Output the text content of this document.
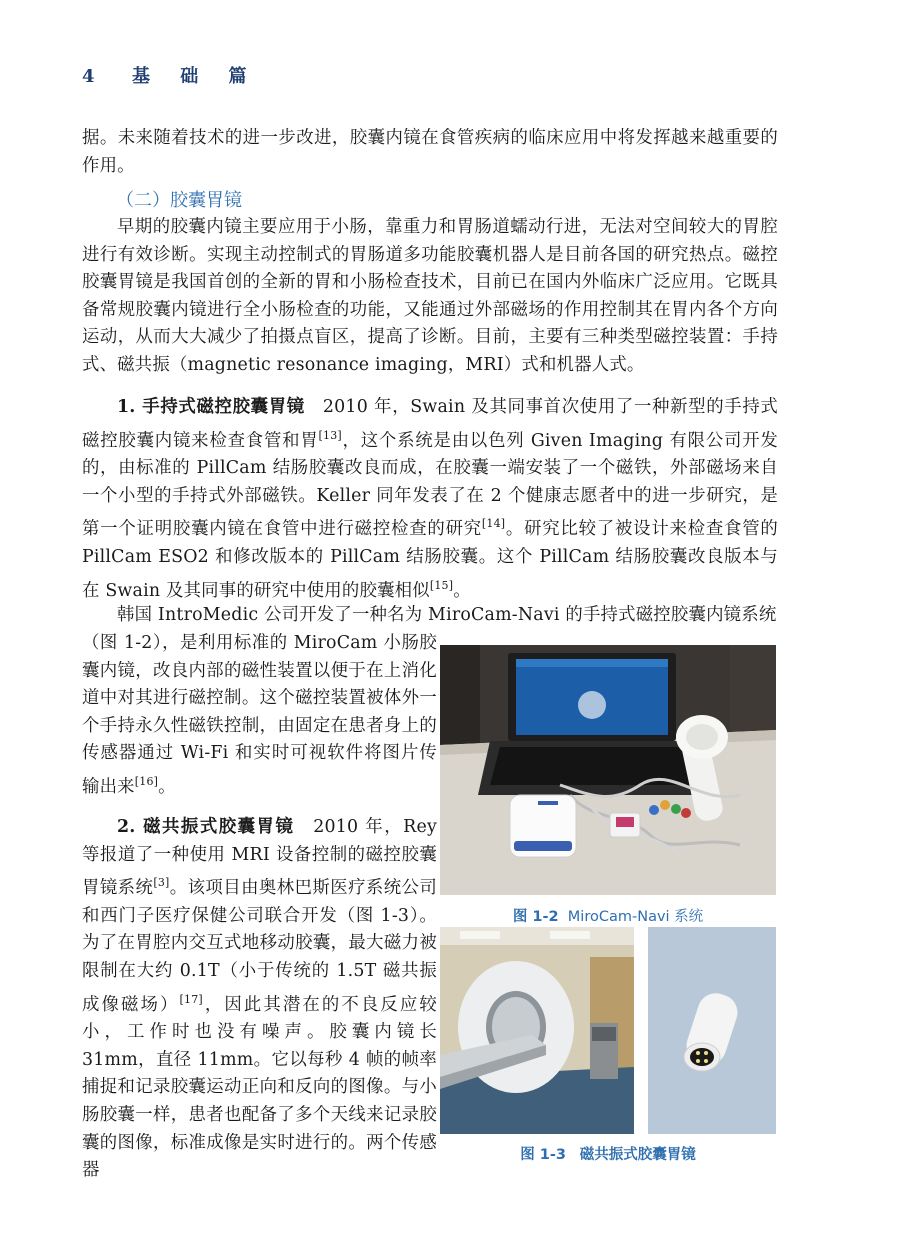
4	基 础 篇

据。未来随着技术的进一步改进，胶囊内镜在食管疾病的临床应用中将发挥越来越重要的作用。

（二）胶囊胃镜

早期的胶囊内镜主要应用于小肠，靠重力和胃肠道蠕动行进，无法对空间较大的胃腔进行有效诊断。实现主动控制式的胃肠道多功能胶囊机器人是目前各国的研究热点。磁控胶囊胃镜是我国首创的全新的胃和小肠检查技术，目前已在国内外临床广泛应用。它既具备常规胶囊内镜进行全小肠检查的功能，又能通过外部磁场的作用控制其在胃内各个方向运动，从而大大减少了拍摄点盲区，提高了诊断。目前，主要有三种类型磁控装置：手持式、磁共振（magnetic resonance imaging，MRI）式和机器人式。

1. 手持式磁控胶囊胃镜　2010 年，Swain 及其同事首次使用了一种新型的手持式磁控胶囊内镜来检查食管和胃[13]，这个系统是由以色列 Given Imaging 有限公司开发的，由标准的 PillCam 结肠胶囊改良而成，在胶囊一端安装了一个磁铁，外部磁场来自一个小型的手持式外部磁铁。Keller 同年发表了在 2 个健康志愿者中的进一步研究，是第一个证明胶囊内镜在食管中进行磁控检查的研究[14]。研究比较了被设计来检查食管的 PillCam ESO2 和修改版本的 PillCam 结肠胶囊。这个 PillCam 结肠胶囊改良版本与在 Swain 及其同事的研究中使用的胶囊相似[15]。

韩国 IntroMedic 公司开发了一种名为 MiroCam-Navi 的手持式磁控胶囊内镜系统

（图 1-2），是利用标准的 MiroCam 小肠胶囊内镜，改良内部的磁性装置以便于在上消化道中对其进行磁控制。这个磁控装置被体外一个手持永久性磁铁控制，由固定在患者身上的传感器通过 Wi-Fi 和实时可视软件将图片传输出来[16]。

2. 磁共振式胶囊胃镜　2010 年，Rey 等报道了一种使用 MRI 设备控制的磁控胶囊胃镜系统[3]。该项目由奥林巴斯医疗系统公司和西门子医疗保健公司联合开发（图 1-3）。为了在胃腔内交互式地移动胶囊，最大磁力被限制在大约 0.1T（小于传统的 1.5T 磁共振成像磁场）[17]，因此其潜在的不良反应较小，工作时也没有噪声。胶囊内镜长 31mm，直径 11mm。它以每秒 4 帧的帧率捕捉和记录胶囊运动正向和反向的图像。与小肠胶囊一样，患者也配备了多个天线来记录胶囊的图像，标准成像是实时进行的。两个传感器

图 1-2 MiroCam-Navi 系统
图 1-3 磁共振式胶囊胃镜
